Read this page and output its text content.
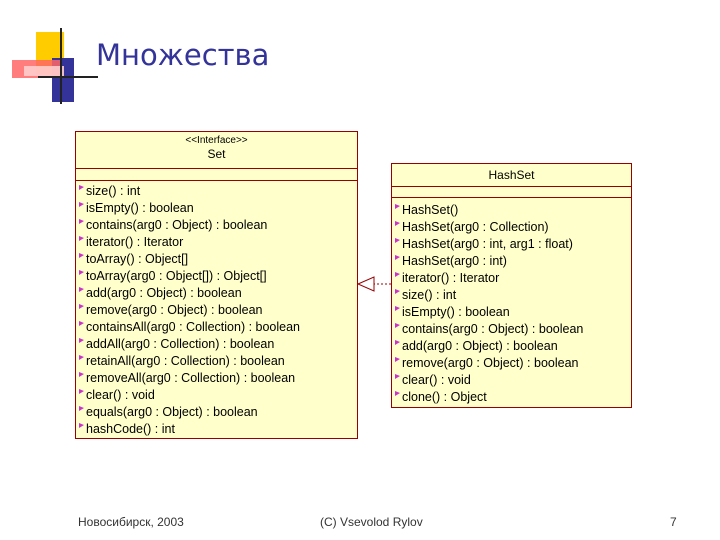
Множества
<<Interface>>
Set
size() : int
isEmpty() : boolean
contains(arg0 : Object) : boolean
iterator() : Iterator
toArray() : Object[]
toArray(arg0 : Object[]) : Object[]
add(arg0 : Object) : boolean
remove(arg0 : Object) : boolean
containsAll(arg0 : Collection) : boolean
addAll(arg0 : Collection) : boolean
retainAll(arg0 : Collection) : boolean
removeAll(arg0 : Collection) : boolean
clear() : void
equals(arg0 : Object) : boolean
hashCode() : int
HashSet
HashSet()
HashSet(arg0 : Collection)
HashSet(arg0 : int, arg1 : float)
HashSet(arg0 : int)
iterator() : Iterator
size() : int
isEmpty() : boolean
contains(arg0 : Object) : boolean
add(arg0 : Object) : boolean
remove(arg0 : Object) : boolean
clear() : void
clone() : Object
Новосибирск, 2003	(C) Vsevolod Rylov	7
